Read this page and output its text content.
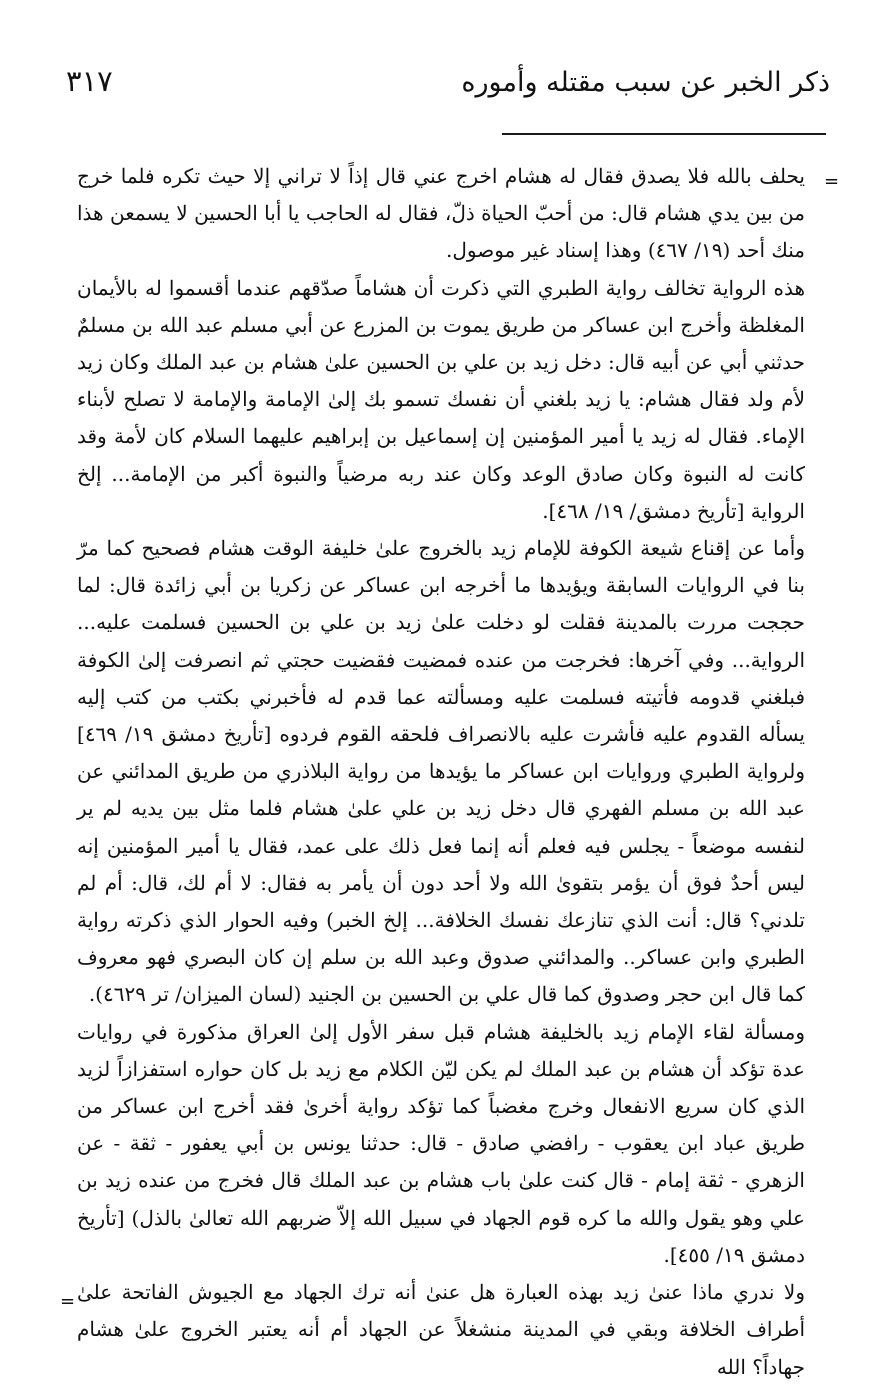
ذكر الخبر عن سبب مقتله وأموره
٣١٧
=

يحلف بالله فلا يصدق فقال له هشام اخرج عني قال إذاً لا تراني إلا حيث تكره فلما خرج من بين يدي هشام قال: من أحبّ الحياة ذلّ، فقال له الحاجب يا أبا الحسين لا يسمعن هذا منك أحد (١٩/ ٤٦٧) وهذا إسناد غير موصول.

هذه الرواية تخالف رواية الطبري التي ذكرت أن هشاماً صدّقهم عندما أقسموا له بالأيمان المغلظة وأخرج ابن عساكر من طريق يموت بن المزرع عن أبي مسلم عبد الله بن مسلمٌ حدثني أبي عن أبيه قال: دخل زيد بن علي بن الحسين علىٰ هشام بن عبد الملك وكان زيد لأم ولد فقال هشام: يا زيد بلغني أن نفسك تسمو بك إلىٰ الإمامة والإمامة لا تصلح لأبناء الإماء. فقال له زيد يا أمير المؤمنين إن إسماعيل بن إبراهيم عليهما السلام كان لأمة وقد كانت له النبوة وكان صادق الوعد وكان عند ربه مرضياً والنبوة أكبر من الإمامة... إلخ الرواية [تأريخ دمشق/ ١٩/ ٤٦٨].

وأما عن إقناع شيعة الكوفة للإمام زيد بالخروج علىٰ خليفة الوقت هشام فصحيح كما مرّ بنا في الروايات السابقة ويؤيدها ما أخرجه ابن عساكر عن زكريا بن أبي زائدة قال: لما حججت مررت بالمدينة فقلت لو دخلت علىٰ زيد بن علي بن الحسين فسلمت عليه... الرواية... وفي آخرها: فخرجت من عنده فمضيت فقضيت حجتي ثم انصرفت إلىٰ الكوفة فبلغني قدومه فأتيته فسلمت عليه ومسألته عما قدم له فأخبرني بكتب من كتب إليه يسأله القدوم عليه فأشرت عليه بالانصراف فلحقه القوم فردوه [تأريخ دمشق ١٩/ ٤٦٩] ولرواية الطبري وروايات ابن عساكر ما يؤيدها من رواية البلاذري من طريق المدائني عن عبد الله بن مسلم الفهري قال دخل زيد بن علي علىٰ هشام فلما مثل بين يديه لم ير لنفسه موضعاً - يجلس فيه فعلم أنه إنما فعل ذلك على عمد، فقال يا أمير المؤمنين إنه ليس أحدٌ فوق أن يؤمر بتقوىٰ الله ولا أحد دون أن يأمر به فقال: لا أم لك، قال: أم لم تلدني؟ قال: أنت الذي تنازعك نفسك الخلافة... إلخ الخبر) وفيه الحوار الذي ذكرته رواية الطبري وابن عساكر.. والمدائني صدوق وعبد الله بن سلم إن كان البصري فهو معروف كما قال ابن حجر وصدوق كما قال علي بن الحسين بن الجنيد (لسان الميزان/ تر ٤٦٢٩).

ومسألة لقاء الإمام زيد بالخليفة هشام قبل سفر الأول إلىٰ العراق مذكورة في روايات عدة تؤكد أن هشام بن عبد الملك لم يكن ليّن الكلام مع زيد بل كان حواره استفزازاً لزيد الذي كان سريع الانفعال وخرج مغضباً كما تؤكد رواية أخرىٰ فقد أخرج ابن عساكر من طريق عباد ابن يعقوب - رافضي صادق - قال: حدثنا يونس بن أبي يعفور - ثقة - عن الزهري - ثقة إمام - قال كنت علىٰ باب هشام بن عبد الملك قال فخرج من عنده زيد بن علي وهو يقول والله ما كره قوم الجهاد في سبيل الله إلاّ ضربهم الله تعالىٰ بالذل) [تأريخ دمشق ١٩/ ٤٥٥].

ولا ندري ماذا عنىٰ زيد بهذه العبارة هل عنىٰ أنه ترك الجهاد مع الجيوش الفاتحة علىٰ أطراف الخلافة وبقي في المدينة منشغلاً عن الجهاد أم أنه يعتبر الخروج علىٰ هشام جهاداً؟ الله

=
